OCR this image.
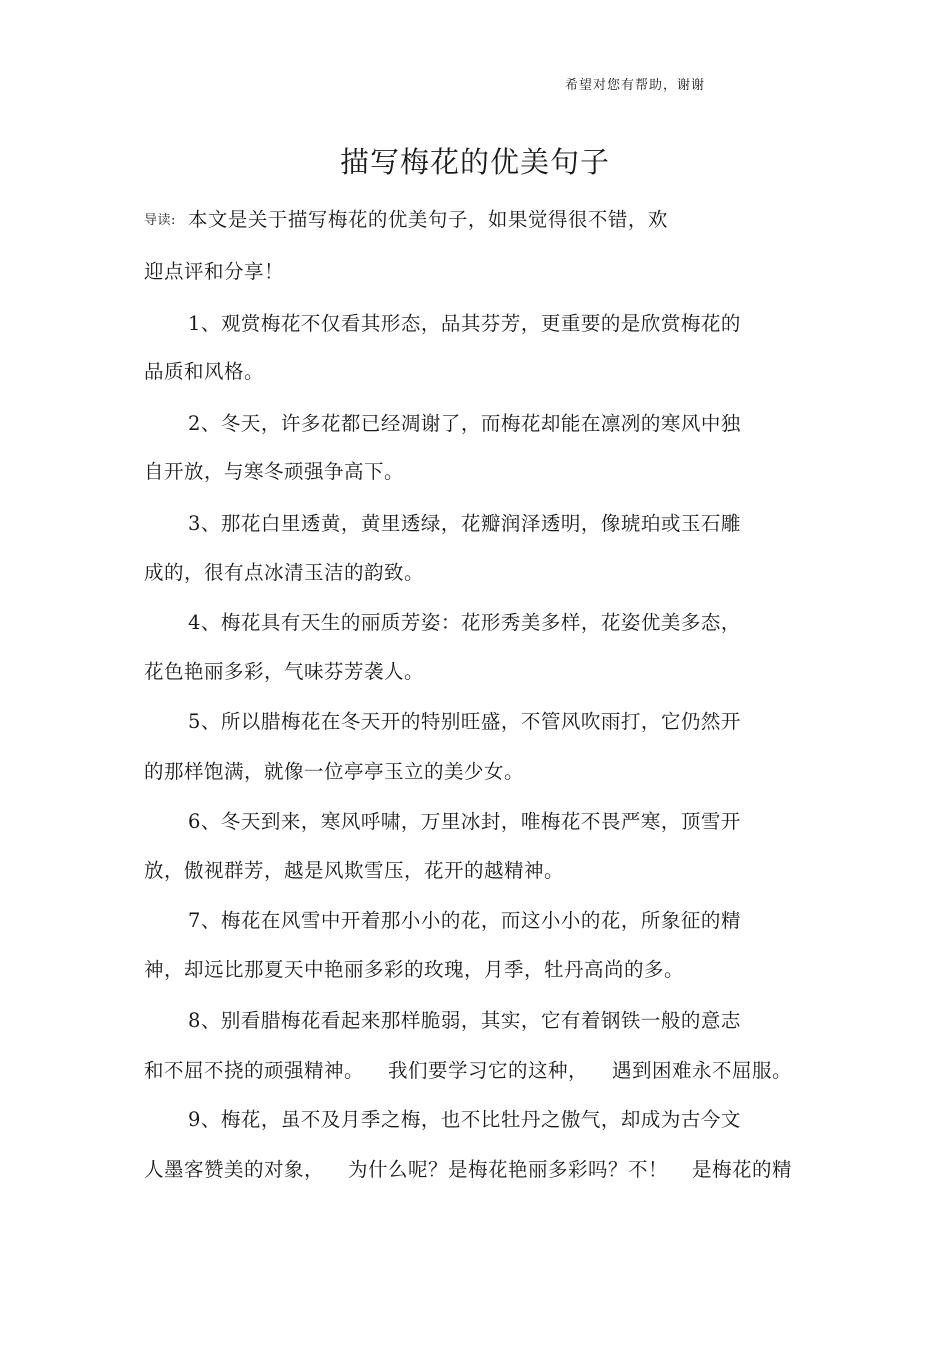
希望对您有帮助，谢谢
描写梅花的优美句子
导读: 本文是关于描写梅花的优美句子，如果觉得很不错，欢
迎点评和分享！
1、观赏梅花不仅看其形态，品其芬芳，更重要的是欣赏梅花的
品质和风格。
2、冬天，许多花都已经凋谢了，而梅花却能在凛冽的寒风中独
自开放，与寒冬顽强争高下。
3、那花白里透黄，黄里透绿，花瓣润泽透明，像琥珀或玉石雕
成的，很有点冰清玉洁的韵致。
4、梅花具有天生的丽质芳姿：花形秀美多样，花姿优美多态，
花色艳丽多彩，气味芬芳袭人。
5、所以腊梅花在冬天开的特别旺盛，不管风吹雨打，它仍然开
的那样饱满，就像一位亭亭玉立的美少女。
6、冬天到来，寒风呼啸，万里冰封，唯梅花不畏严寒，顶雪开
放，傲视群芳，越是风欺雪压，花开的越精神。
7、梅花在风雪中开着那小小的花，而这小小的花，所象征的精
神，却远比那夏天中艳丽多彩的玫瑰，月季，牡丹高尚的多。
8、别看腊梅花看起来那样脆弱，其实，它有着钢铁一般的意志
和不屈不挠的顽强精神。 我们要学习它的这种， 遇到困难永不屈服。
9、梅花，虽不及月季之梅，也不比牡丹之傲气，却成为古今文
人墨客赞美的对象， 为什么呢？是梅花艳丽多彩吗？不！ 是梅花的精
